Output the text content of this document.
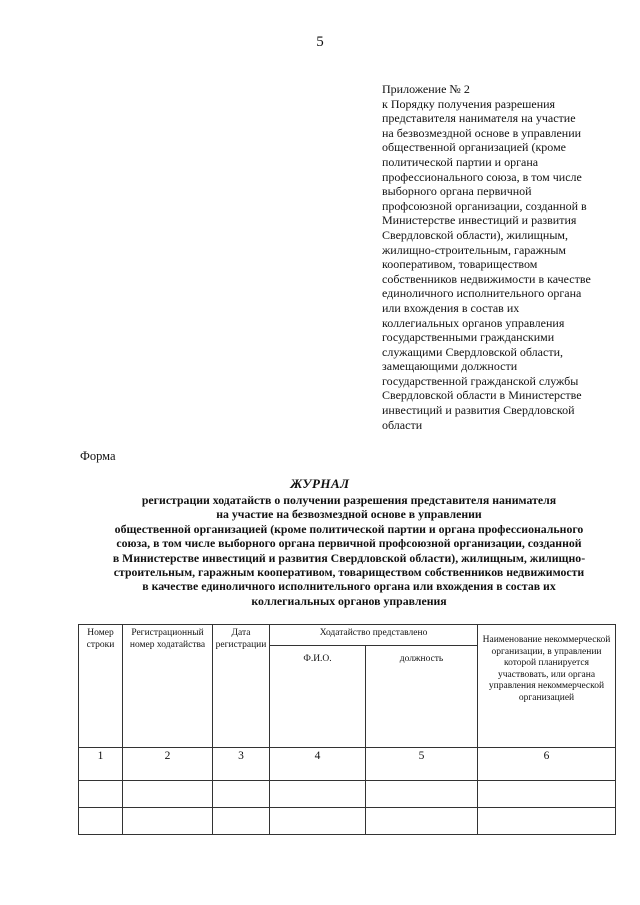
5
Приложение № 2
к Порядку получения разрешения
представителя нанимателя на участие
на безвозмездной основе в управлении
общественной организацией (кроме
политической партии и органа
профессионального союза, в том числе
выборного органа первичной
профсоюзной организации, созданной в
Министерстве инвестиций и развития
Свердловской области), жилищным,
жилищно-строительным, гаражным
кооперативом, товариществом
собственников недвижимости в качестве
единоличного исполнительного органа
или вхождения в состав их
коллегиальных органов управления
государственными гражданскими
служащими Свердловской области,
замещающими должности
государственной гражданской службы
Свердловской области в Министерстве
инвестиций и развития Свердловской
области
Форма
ЖУРНАЛ
регистрации ходатайств о получении разрешения представителя нанимателя
на участие на безвозмездной основе в управлении
общественной организацией (кроме политической партии и органа профессионального
союза, в том числе выборного органа первичной профсоюзной организации, созданной
в Министерстве инвестиций и развития Свердловской области), жилищным, жилищно-
строительным, гаражным кооперативом, товариществом собственников недвижимости
в качестве единоличного исполнительного органа или вхождения в состав их
коллегиальных органов управления
Номер строки	Регистрационный номер ходатайства	Дата регистрации	Ходатайство представлено		Наименование некоммерческой организации, в управлении которой планируется участвовать, или органа управления некоммерческой организацией
			Ф.И.О.	должность	
1	2	3	4	5	6
